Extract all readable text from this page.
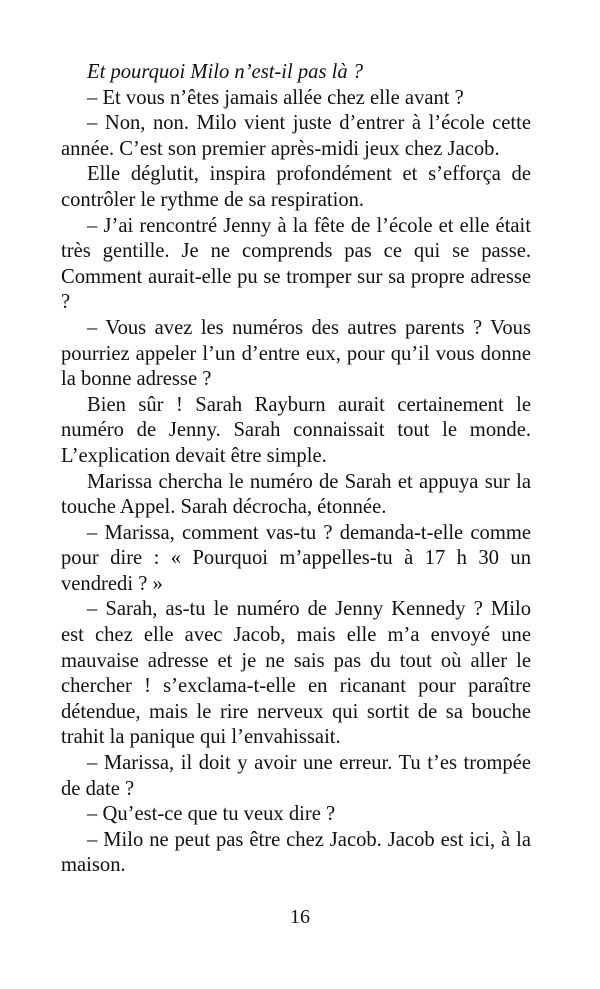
Et pourquoi Milo n’est-il pas là ?

– Et vous n’êtes jamais allée chez elle avant ?

– Non, non. Milo vient juste d’entrer à l’école cette année. C’est son premier après-midi jeux chez Jacob.

Elle déglutit, inspira profondément et s’efforça de contrôler le rythme de sa respiration.

– J’ai rencontré Jenny à la fête de l’école et elle était très gentille. Je ne comprends pas ce qui se passe. Comment aurait-elle pu se tromper sur sa propre adresse ?

– Vous avez les numéros des autres parents ? Vous pourriez appeler l’un d’entre eux, pour qu’il vous donne la bonne adresse ?

Bien sûr ! Sarah Rayburn aurait certainement le numéro de Jenny. Sarah connaissait tout le monde. L’explication devait être simple.

Marissa chercha le numéro de Sarah et appuya sur la touche Appel. Sarah décrocha, étonnée.

– Marissa, comment vas-tu ? demanda-t-elle comme pour dire : « Pourquoi m’appelles-tu à 17 h 30 un vendredi ? »

– Sarah, as-tu le numéro de Jenny Kennedy ? Milo est chez elle avec Jacob, mais elle m’a envoyé une mauvaise adresse et je ne sais pas du tout où aller le chercher ! s’exclama-t-elle en ricanant pour paraître détendue, mais le rire nerveux qui sortit de sa bouche trahit la panique qui l’envahissait.

– Marissa, il doit y avoir une erreur. Tu t’es trompée de date ?

– Qu’est-ce que tu veux dire ?

– Milo ne peut pas être chez Jacob. Jacob est ici, à la maison.

16
